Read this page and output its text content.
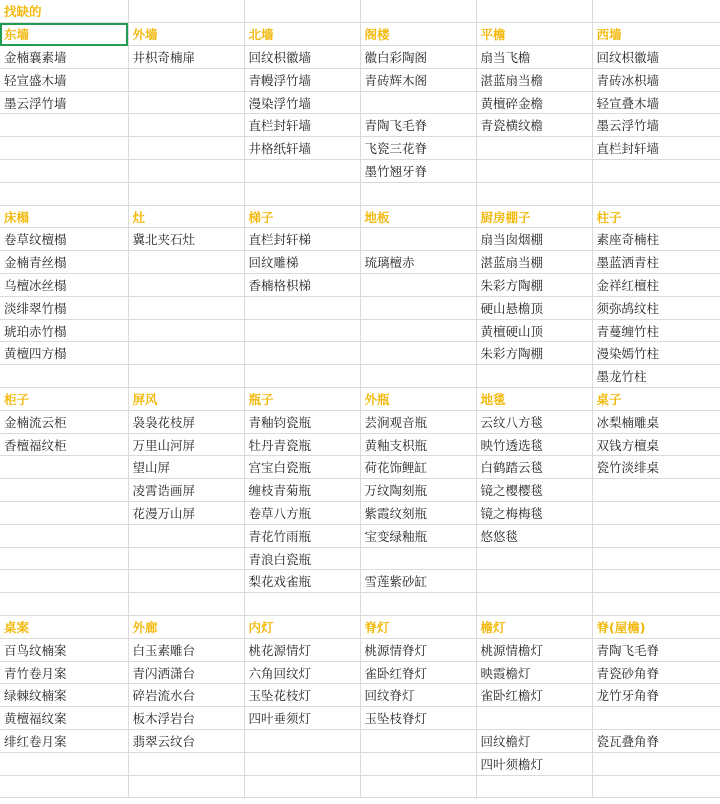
找缺的					
东墙	外墙	北墙	阁楼	平檐	西墙
金楠襄素墙	井枳奇楠扉	回纹枳徽墙	徽白彩陶阁	扇当飞檐	回纹枳徽墙
轻宣盛木墙		青幔浮竹墙	青砖辉木阁	湛蓝扇当檐	青砖冰枳墙
墨云浮竹墙		漫染浮竹墙		黄檀碎金檐	轻宣叠木墙
		直栏封轩墙	青陶飞毛脊	青瓷横纹檐	墨云浮竹墙
		井格纸轩墙	飞瓷三花脊		直栏封轩墙
			墨竹翘牙脊		

床榻	灶	梯子	地板	厨房棚子	柱子
卷草纹檀榻	冀北夹石灶	直栏封轩梯		扇当囱烟棚	素座奇楠柱
金楠青丝榻		回纹雕梯	琉璃檀赤	湛蓝扇当棚	墨蓝洒青柱
乌檀冰丝榻		香楠格枳梯		朱彩方陶棚	金祥红檀柱
淡绯翠竹榻				硬山悬檐顶	须弥鸪纹柱
琥珀赤竹榻				黄檀硬山顶	青蔓缠竹柱
黄檀四方榻				朱彩方陶棚	漫染嫣竹柱
					墨龙竹柱
柜子	屏风	瓶子	外瓶	地毯	桌子
金楠流云柜	袅袅花枝屏	青釉钧瓷瓶	芸涧观音瓶	云纹八方毯	冰梨楠雕桌
香檀福纹柜	万里山河屏	牡丹青瓷瓶	黄釉支枳瓶	映竹透选毯	双钱方檀桌
	望山屏	宫宝白瓷瓶	荷花饰鲤缸	白鹤踏云毯	瓷竹淡绯桌
	凌霄诰画屏	缠枝青菊瓶	万纹陶刻瓶	镜之樱樱毯	
	花漫万山屏	卷草八方瓶	紫霞纹刻瓶	镜之梅梅毯	
		青花竹雨瓶	宝变绿釉瓶	悠悠毯	
		青浪白瓷瓶			
		梨花戏雀瓶	雪莲紫砂缸		

桌案	外廊	内灯	脊灯	檐灯	脊(屋檐)
百鸟纹楠案	白玉素雕台	桃花源情灯	桃源情脊灯	桃源情檐灯	青陶飞毛脊
青竹卷月案	青闪洒潇台	六角回纹灯	雀卧红脊灯	映霞檐灯	青瓷砂角脊
绿棘纹楠案	碎岩流水台	玉坠花枝灯	回纹脊灯	雀卧红檐灯	龙竹牙角脊
黄檀福纹案	板木浮岩台	四叶垂须灯	玉坠枝脊灯		
绯红卷月案	翡翠云纹台			回纹檐灯	瓷瓦叠角脊
				四叶须檐灯	
